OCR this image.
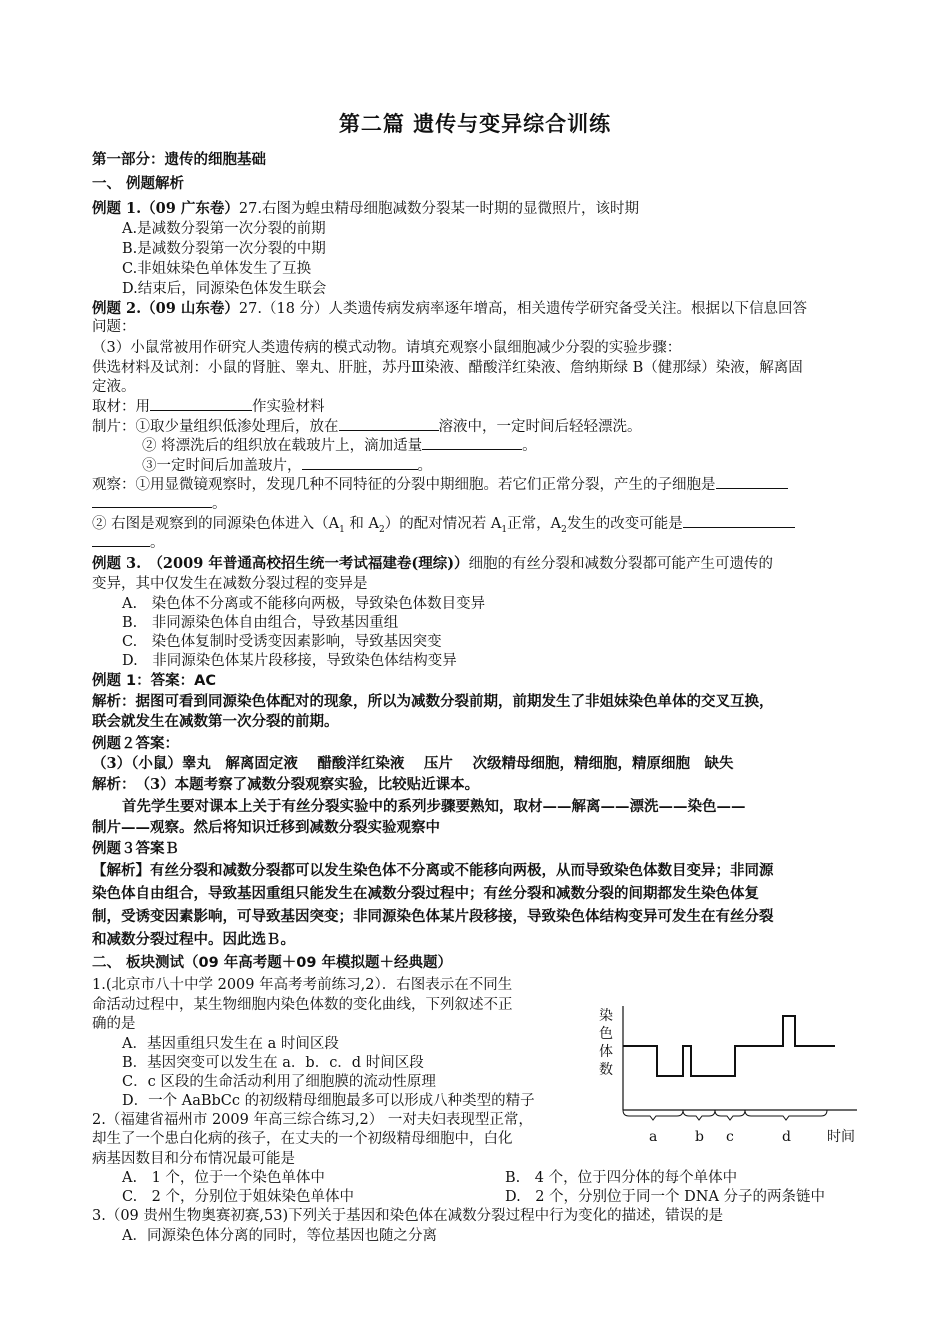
第二篇 遗传与变异综合训练
第一部分：遗传的细胞基础
一、 例题解析
例题 1.（09 广东卷）27.右图为蝗虫精母细胞减数分裂某一时期的显微照片，该时期
A.是减数分裂第一次分裂的前期
B.是减数分裂第一次分裂的中期
C.非姐妹染色单体发生了互换
D.结束后，同源染色体发生联会
例题 2.（09 山东卷）27.（18 分）人类遗传病发病率逐年增高，相关遗传学研究备受关注。根据以下信息回答
问题：
（3）小鼠常被用作研究人类遗传病的模式动物。请填充观察小鼠细胞减少分裂的实验步骤：
供选材料及试剂：小鼠的肾脏、睾丸、肝脏，苏丹Ⅲ染液、醋酸洋红染液、詹纳斯绿 B（健那绿）染液，解离固
定液。
取材：用	作实验材料
制片：①取少量组织低渗处理后，放在	溶液中，一定时间后轻轻漂洗。
② 将漂洗后的组织放在载玻片上，滴加适量	。
③一定时间后加盖玻片，	。
观察：①用显微镜观察时，发现几种不同特征的分裂中期细胞。若它们正常分裂，产生的子细胞是
。
② 右图是观察到的同源染色体进入（$A_1$ 和 $A_2$）的配对情况若 $A_1$正常，$A_2$发生的改变可能是
。
例题 3.　（2009 年普通高校招生统一考试福建卷(理综)）细胞的有丝分裂和减数分裂都可能产生可遗传的
变异，其中仅发生在减数分裂过程的变异是
A.　染色体不分离或不能移向两极，导致染色体数目变异
B.　非同源染色体自由组合，导致基因重组
C.　染色体复制时受诱变因素影响，导致基因突变
D.　非同源染色体某片段移接，导致染色体结构变异
例题 1：答案：AC
解析：据图可看到同源染色体配对的现象，所以为减数分裂前期，前期发生了非姐妹染色单体的交叉互换，
联会就发生在减数第一次分裂的前期。
例题２答案：
（3）（小鼠）睾丸　解离固定液　 醋酸洋红染液　 压片　 次级精母细胞，精细胞，精原细胞　缺失
解析：　（3）本题考察了减数分裂观察实验，比较贴近课本。
首先学生要对课本上关于有丝分裂实验中的系列步骤要熟知，取材——解离——漂洗——染色——
制片——观察。然后将知识迁移到减数分裂实验观察中
例题３答案Ｂ
【解析】有丝分裂和减数分裂都可以发生染色体不分离或不能移向两极，从而导致染色体数目变异；非同源
染色体自由组合，导致基因重组只能发生在减数分裂过程中；有丝分裂和减数分裂的间期都发生染色体复
制，受诱变因素影响，可导致基因突变；非同源染色体某片段移接，导致染色体结构变异可发生在有丝分裂
和减数分裂过程中。因此选Ｂ。
二、 板块测试（09 年高考题＋09 年模拟题＋经典题）
1.(北京市八十中学 2009 年高考考前练习,2）．右图表示在不同生
命活动过程中，某生物细胞内染色体数的变化曲线，下列叙述不正
确的是
A．基因重组只发生在 a 时间区段
B．基因突变可以发生在 a．b．c．d 时间区段
C．c 区段的生命活动利用了细胞膜的流动性原理
D．一个 AaBbCc 的初级精母细胞最多可以形成八种类型的精子
2.（福建省福州市 2009 年高三综合练习,2） 一对夫妇表现型正常，
却生了一个患白化病的孩子，在丈夫的一个初级精母细胞中，白化
病基因数目和分布情况最可能是
A.　1 个，位于一个染色单体中	B.　4 个，位于四分体的每个单体中
C.　2 个，分别位于姐妹染色单体中	D.　2 个，分别位于同一个 DNA 分子的两条链中
3.（09 贵州生物奥赛初赛,53)下列关于基因和染色体在减数分裂过程中行为变化的描述，错误的是
A．同源染色体分离的同时，等位基因也随之分离
染
色
体
数
a	b c	d	时间
